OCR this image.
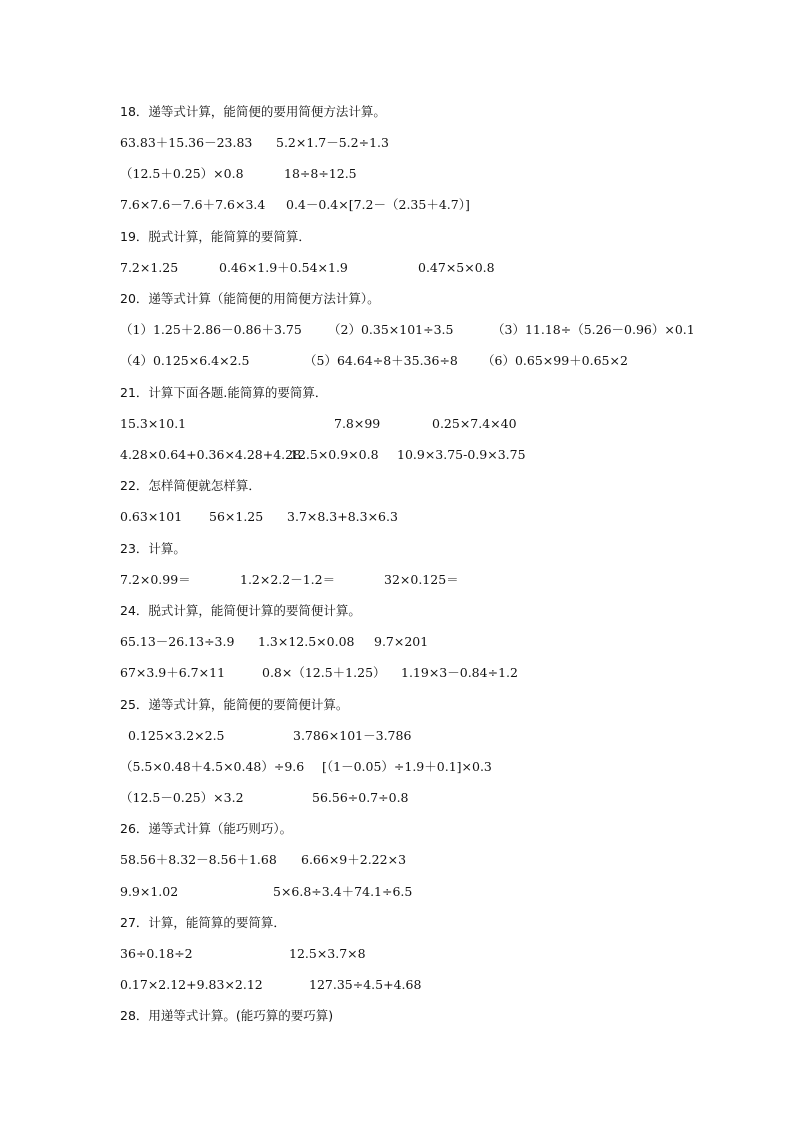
18．递等式计算，能简便的要用简便方法计算。
63.83＋15.36－23.83 5.2×1.7－5.2÷1.3
（12.5＋0.25）×0.8	18÷8÷12.5
7.6×7.6－7.6＋7.6×3.4 0.4－0.4×[7.2－（2.35＋4.7）]
19．脱式计算，能简算的要简算．
7.2×1.25	0.46×1.9＋0.54×1.9	0.47×5×0.8
20．递等式计算（能简便的用简便方法计算）。
（1）1.25＋2.86－0.86＋3.75 （2）0.35×101÷3.5	（3）11.18÷（5.26－0.96）×0.1
（4）0.125×6.4×2.5	（5）64.64÷8＋35.36÷8 （6）0.65×99＋0.65×2
21．计算下面各题.能简算的要简算．
15.3×10.1	7.8×99	0.25×7.4×40
4.28×0.64+0.36×4.28+4.28
12.5×0.9×0.8 10.9×3.75-0.9×3.75
22．怎样简便就怎样算．
0.63×101 56×1.25 3.7×8.3+8.3×6.3
23．计算。
7.2×0.99＝	1.2×2.2－1.2＝	32×0.125＝
24．脱式计算，能简便计算的要简便计算。
65.13－26.13÷3.9 1.3×12.5×0.08 9.7×201
67×3.9＋6.7×11	0.8×（12.5＋1.25） 1.19×3－0.84÷1.2
25．递等式计算，能简便的要简便计算。
0.125×3.2×2.5	3.786×101－3.786
（5.5×0.48＋4.5×0.48）÷9.6 [（1－0.05）÷1.9＋0.1]×0.3
（12.5－0.25）×3.2	56.56÷0.7÷0.8
26．递等式计算（能巧则巧）。
58.56＋8.32－8.56＋1.68 6.66×9＋2.22×3
9.9×1.02	5×6.8÷3.4＋74.1÷6.5
27．计算，能简算的要简算．
36÷0.18÷2	12.5×3.7×8
0.17×2.12+9.83×2.12	127.35÷4.5+4.68
28．用递等式计算。(能巧算的要巧算)
